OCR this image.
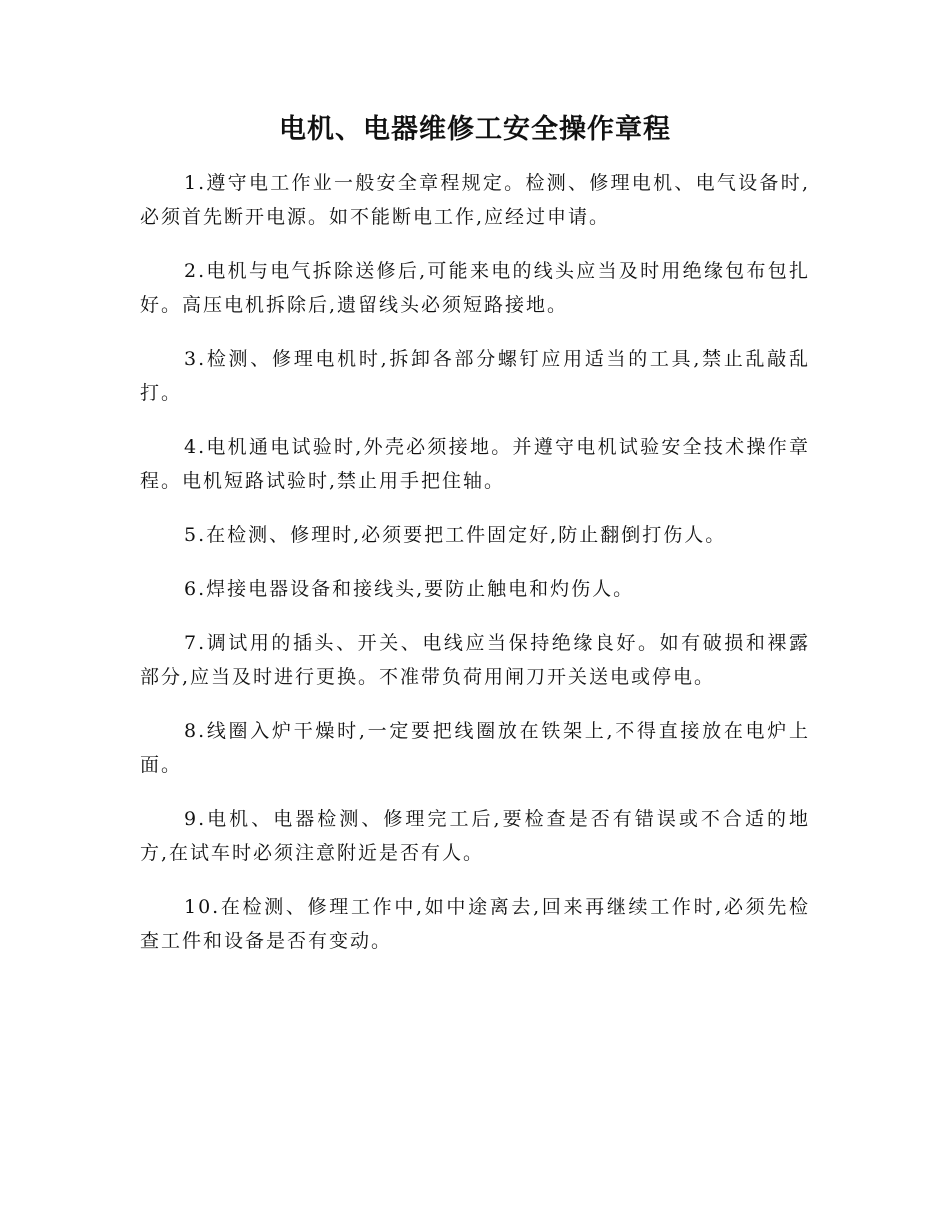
电机、电器维修工安全操作章程

1.遵守电工作业一般安全章程规定。检测、修理电机、电气设备时,必须首先断开电源。如不能断电工作,应经过申请。

2.电机与电气拆除送修后,可能来电的线头应当及时用绝缘包布包扎好。高压电机拆除后,遗留线头必须短路接地。

3.检测、修理电机时,拆卸各部分螺钉应用适当的工具,禁止乱敲乱打。

4.电机通电试验时,外壳必须接地。并遵守电机试验安全技术操作章程。电机短路试验时,禁止用手把住轴。

5.在检测、修理时,必须要把工件固定好,防止翻倒打伤人。

6.焊接电器设备和接线头,要防止触电和灼伤人。

7.调试用的插头、开关、电线应当保持绝缘良好。如有破损和裸露部分,应当及时进行更换。不准带负荷用闸刀开关送电或停电。

8.线圈入炉干燥时,一定要把线圈放在铁架上,不得直接放在电炉上面。

9.电机、电器检测、修理完工后,要检查是否有错误或不合适的地方,在试车时必须注意附近是否有人。

10.在检测、修理工作中,如中途离去,回来再继续工作时,必须先检查工件和设备是否有变动。
